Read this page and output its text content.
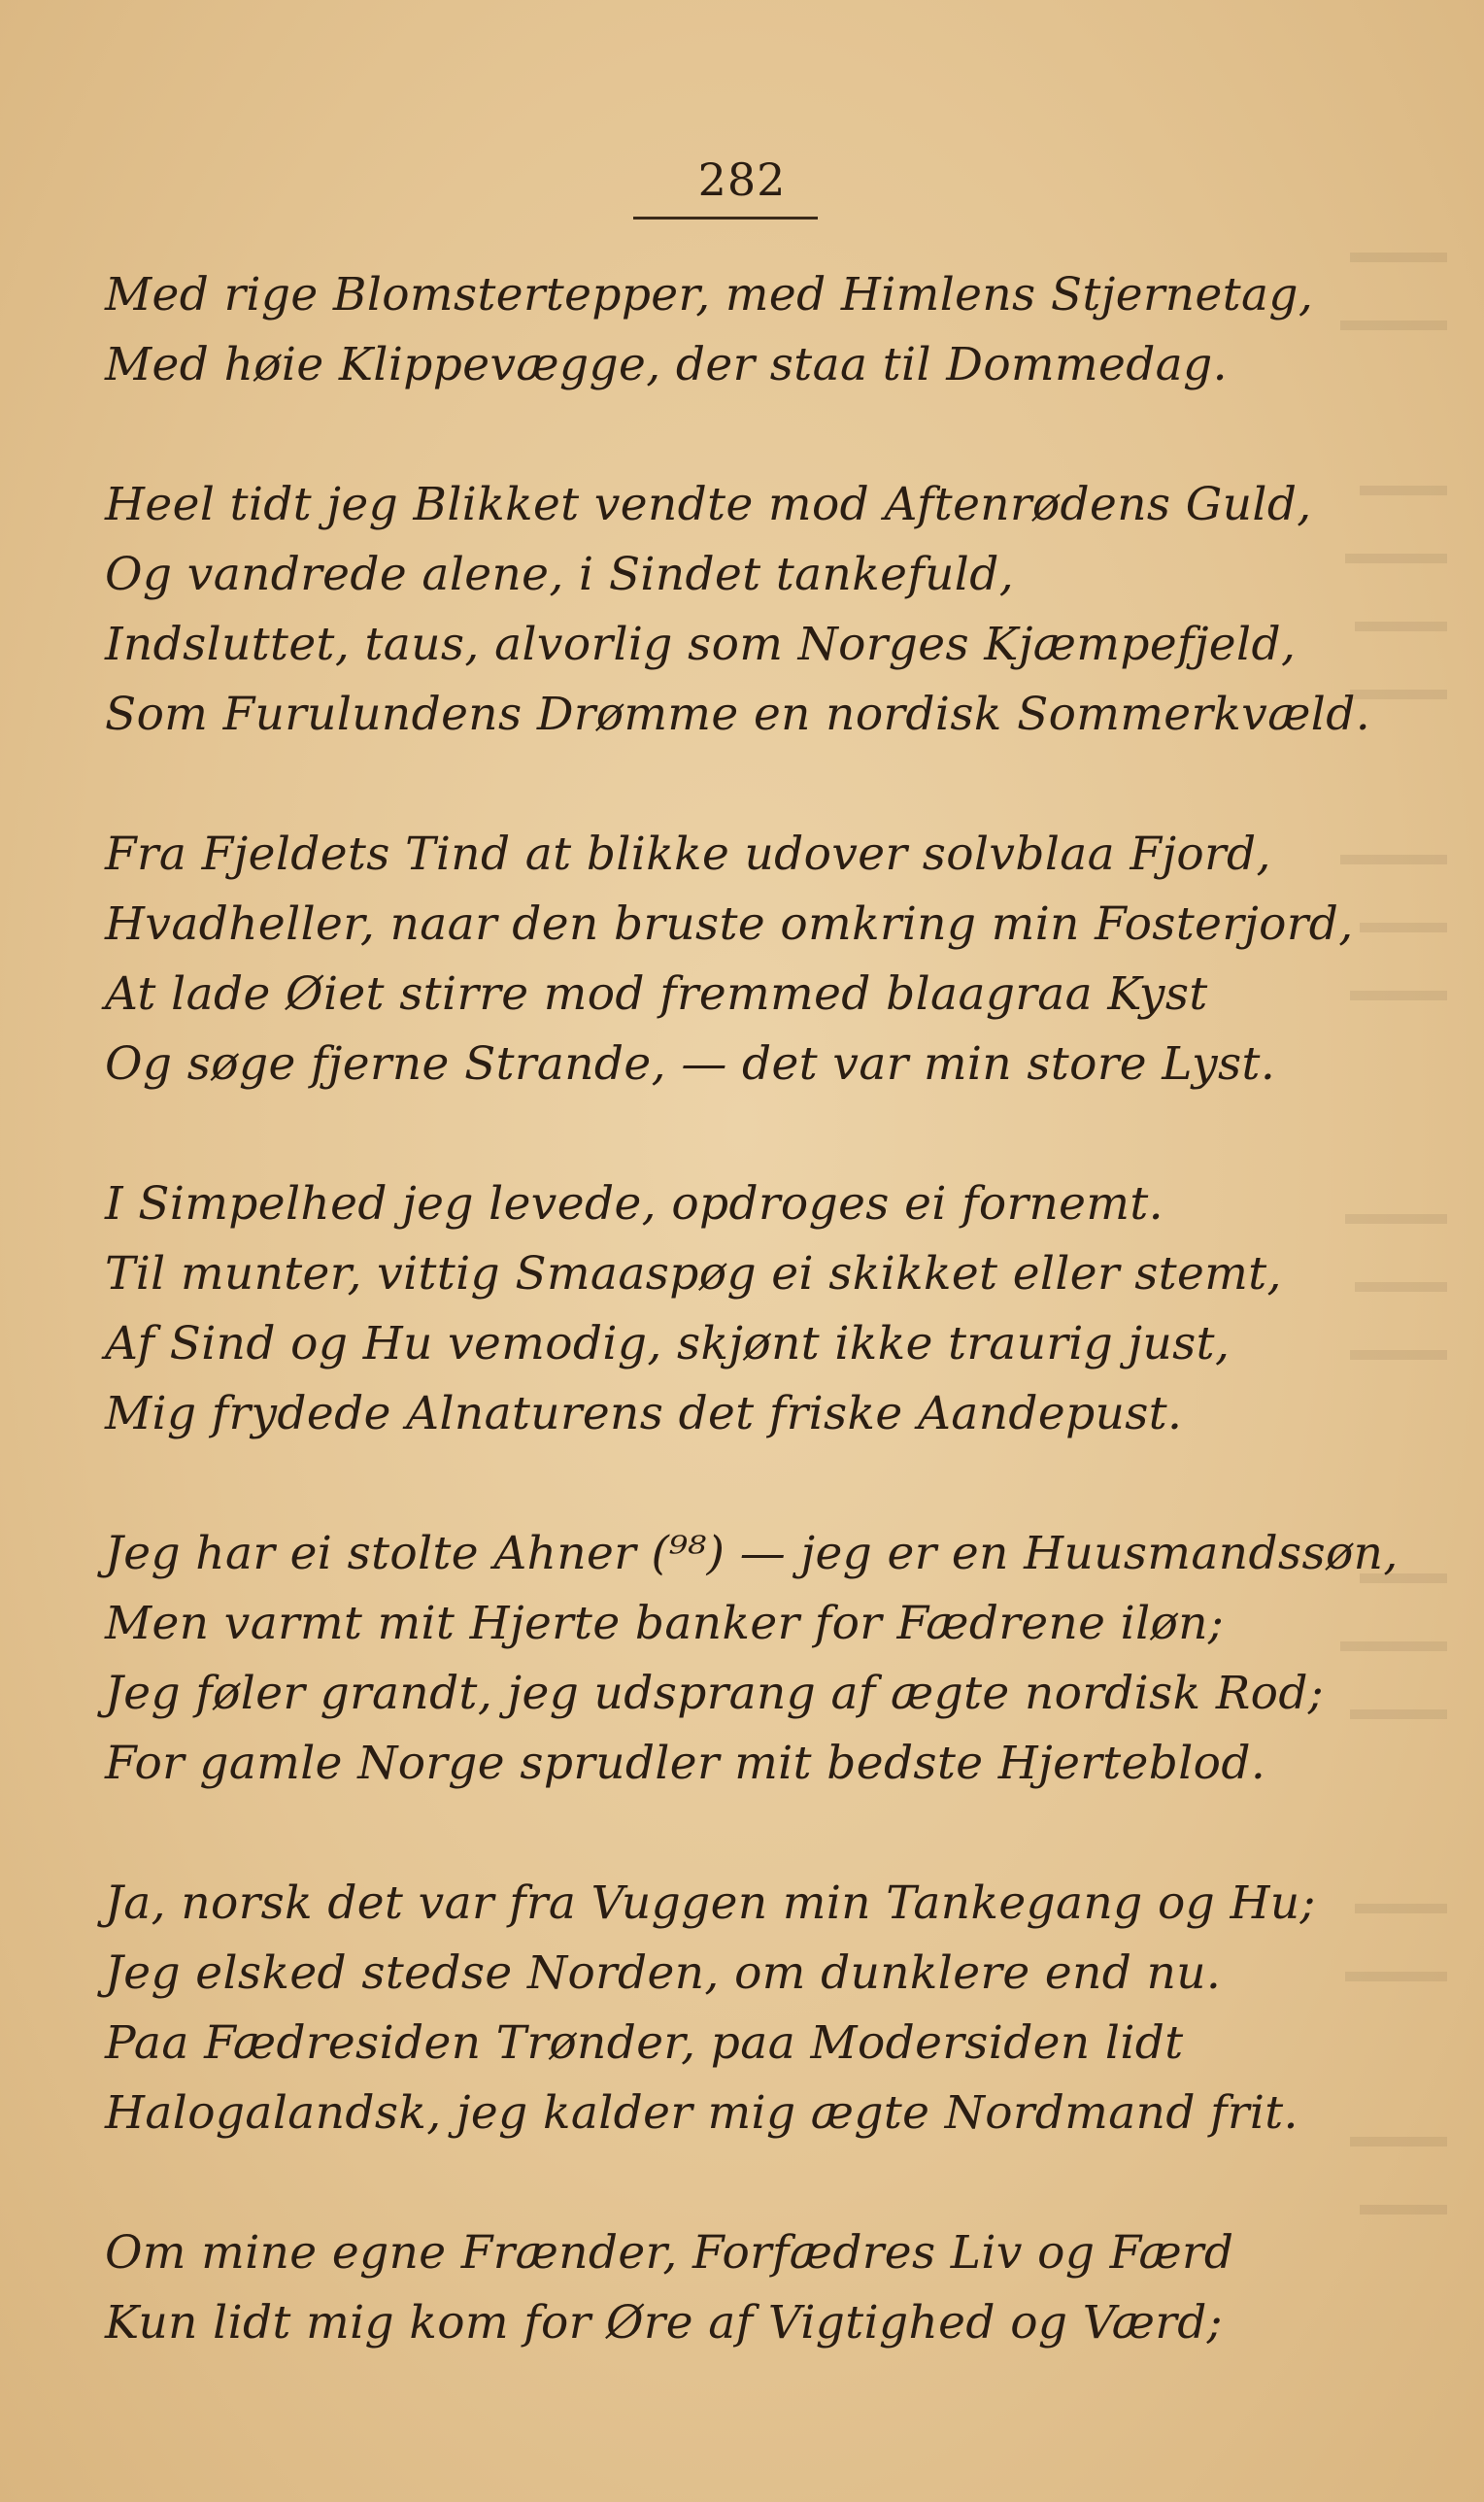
282
Med rige Blomstertepper, med Himlens Stjernetag,
Med høie Klippevægge, der staa til Dommedag.
Heel tidt jeg Blikket vendte mod Aftenrødens Guld,
Og vandrede alene, i Sindet tankefuld,
Indsluttet, taus, alvorlig som Norges Kjæmpefjeld,
Som Furulundens Drømme en nordisk Sommerkvæld.
Fra Fjeldets Tind at blikke udover solvblaa Fjord,
Hvadheller, naar den bruste omkring min Fosterjord,
At lade Øiet stirre mod fremmed blaagraa Kyst
Og søge fjerne Strande, — det var min store Lyst.
I Simpelhed jeg levede, opdroges ei fornemt.
Til munter, vittig Smaaspøg ei skikket eller stemt,
Af Sind og Hu vemodig, skjønt ikke traurig just,
Mig frydede Alnaturens det friske Aandepust.
Jeg har ei stolte Ahner (⁹⁸) — jeg er en Huusmandssøn,
Men varmt mit Hjerte banker for Fædrene iløn;
Jeg føler grandt, jeg udsprang af ægte nordisk Rod;
For gamle Norge sprudler mit bedste Hjerteblod.
Ja, norsk det var fra Vuggen min Tankegang og Hu;
Jeg elsked stedse Norden, om dunklere end nu.
Paa Fædresiden Trønder, paa Modersiden lidt
Halogalandsk, jeg kalder mig ægte Nordmand frit.
Om mine egne Frænder, Forfædres Liv og Færd
Kun lidt mig kom for Øre af Vigtighed og Værd;
